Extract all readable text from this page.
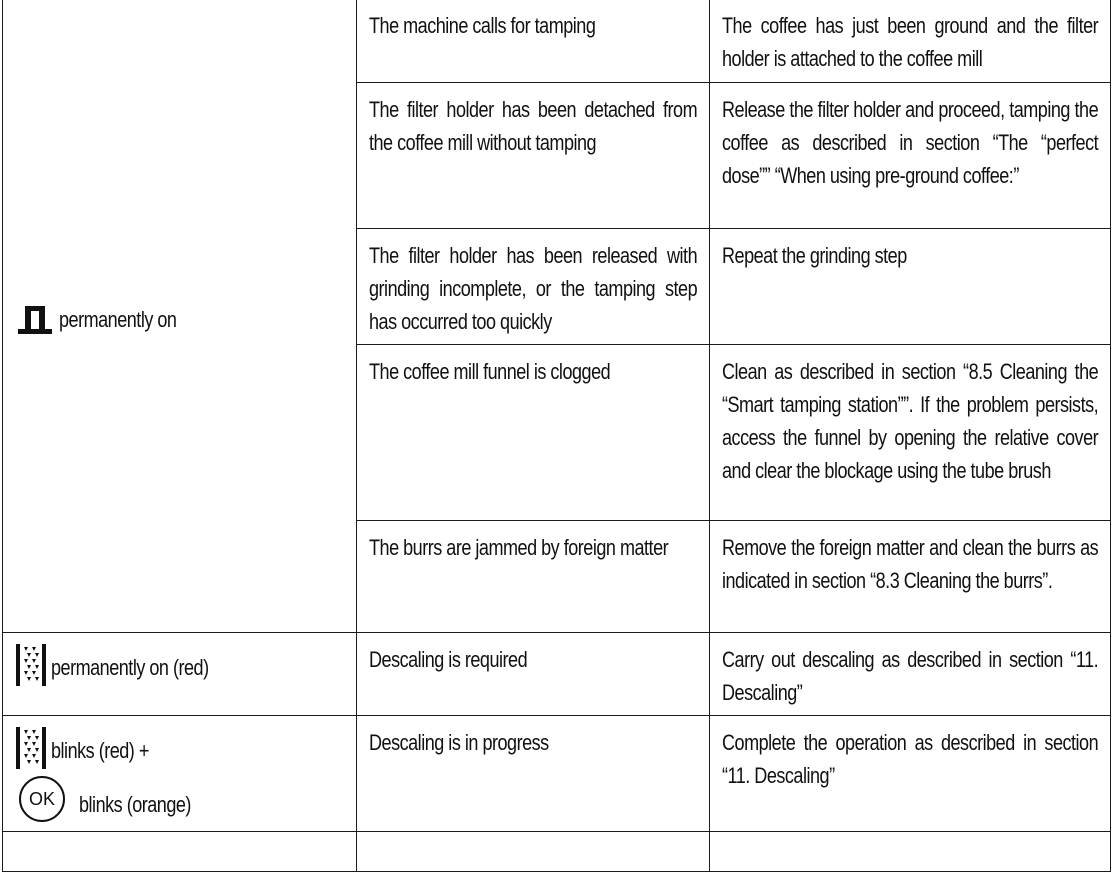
permanently on	The machine calls for tamping	The coffee has just been ground and the filter holder is attached to the coffee mill

	The filter holder has been detached from the coffee mill without tamping	Release the filter holder and proceed, tamping the coffee as described in section “The “perfect dose”” “When using pre-ground coffee:”

	The filter holder has been released with grinding incomplete, or the tamping step has occurred too quickly	Repeat the grinding step

	The coffee mill funnel is clogged	Clean as described in section “8.5 Cleaning the “Smart tamping station””. If the problem persists, access the funnel by opening the relative cover and clear the blockage using the tube brush

	The burrs are jammed by foreign matter	Remove the foreign matter and clean the burrs as indicated in section “8.3 Cleaning the burrs”.

permanently on (red)	Descaling is required	Carry out descaling as described in section “11. Descaling”

blinks (red) +
OK blinks (orange)	Descaling is in progress	Complete the operation as described in section “11. Descaling”
